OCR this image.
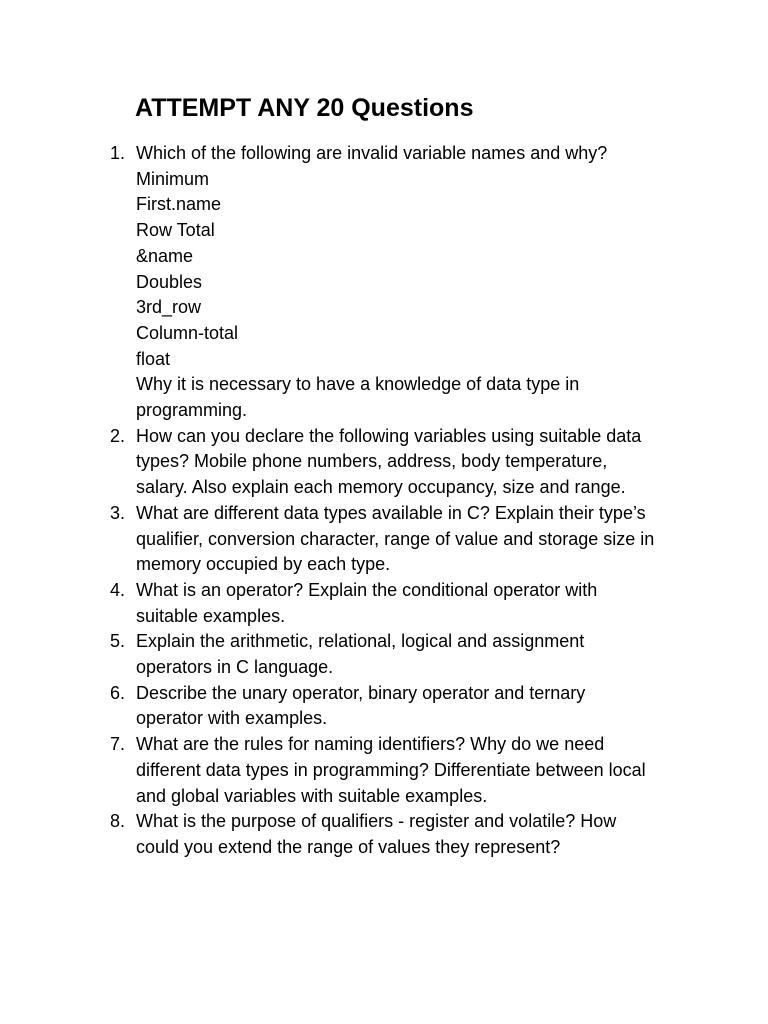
ATTEMPT ANY 20 Questions
1. Which of the following are invalid variable names and why?
Minimum
First.name
Row Total
&name
Doubles
3rd_row
Column-total
float
Why it is necessary to have a knowledge of data type in
programming.
2. How can you declare the following variables using suitable data
types? Mobile phone numbers, address, body temperature,
salary. Also explain each memory occupancy, size and range.
3. What are different data types available in C? Explain their type’s
qualifier, conversion character, range of value and storage size in
memory occupied by each type.
4. What is an operator? Explain the conditional operator with
suitable examples.
5. Explain the arithmetic, relational, logical and assignment
operators in C language.
6. Describe the unary operator, binary operator and ternary
operator with examples.
7. What are the rules for naming identifiers? Why do we need
different data types in programming? Differentiate between local
and global variables with suitable examples.
8. What is the purpose of qualifiers - register and volatile? How
could you extend the range of values they represent?
